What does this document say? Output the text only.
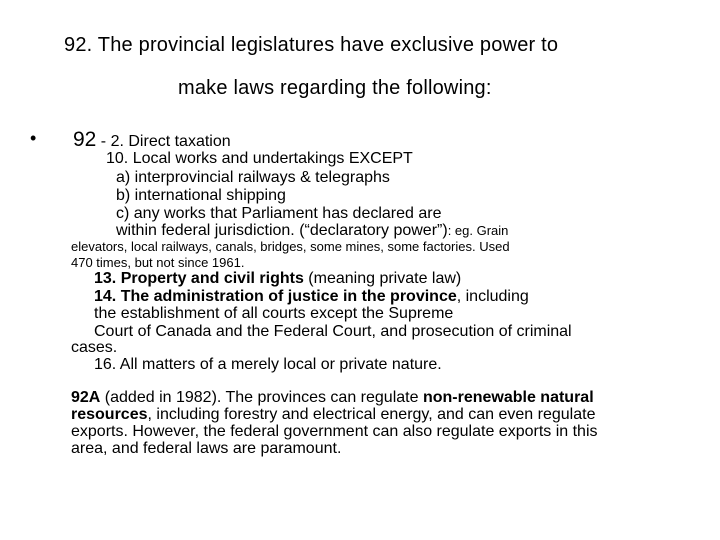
92. The provincial legislatures have exclusive power to
make laws regarding the following:
• 92 - 2. Direct taxation
10. Local works and undertakings EXCEPT
a) interprovincial railways & telegraphs
b) international shipping
c) any works that Parliament has declared are
within federal jurisdiction. (“declaratory power”): eg. Grain
elevators, local railways, canals, bridges, some mines, some factories. Used
470 times, but not since 1961.
13. Property and civil rights (meaning private law)
14. The administration of justice in the province, including
the establishment of all courts except the Supreme
Court of Canada and the Federal Court, and prosecution of criminal
cases.
16. All matters of a merely local or private nature.
92A (added in 1982). The provinces can regulate non-renewable natural
resources, including forestry and electrical energy, and can even regulate
exports. However, the federal government can also regulate exports in this
area, and federal laws are paramount.
